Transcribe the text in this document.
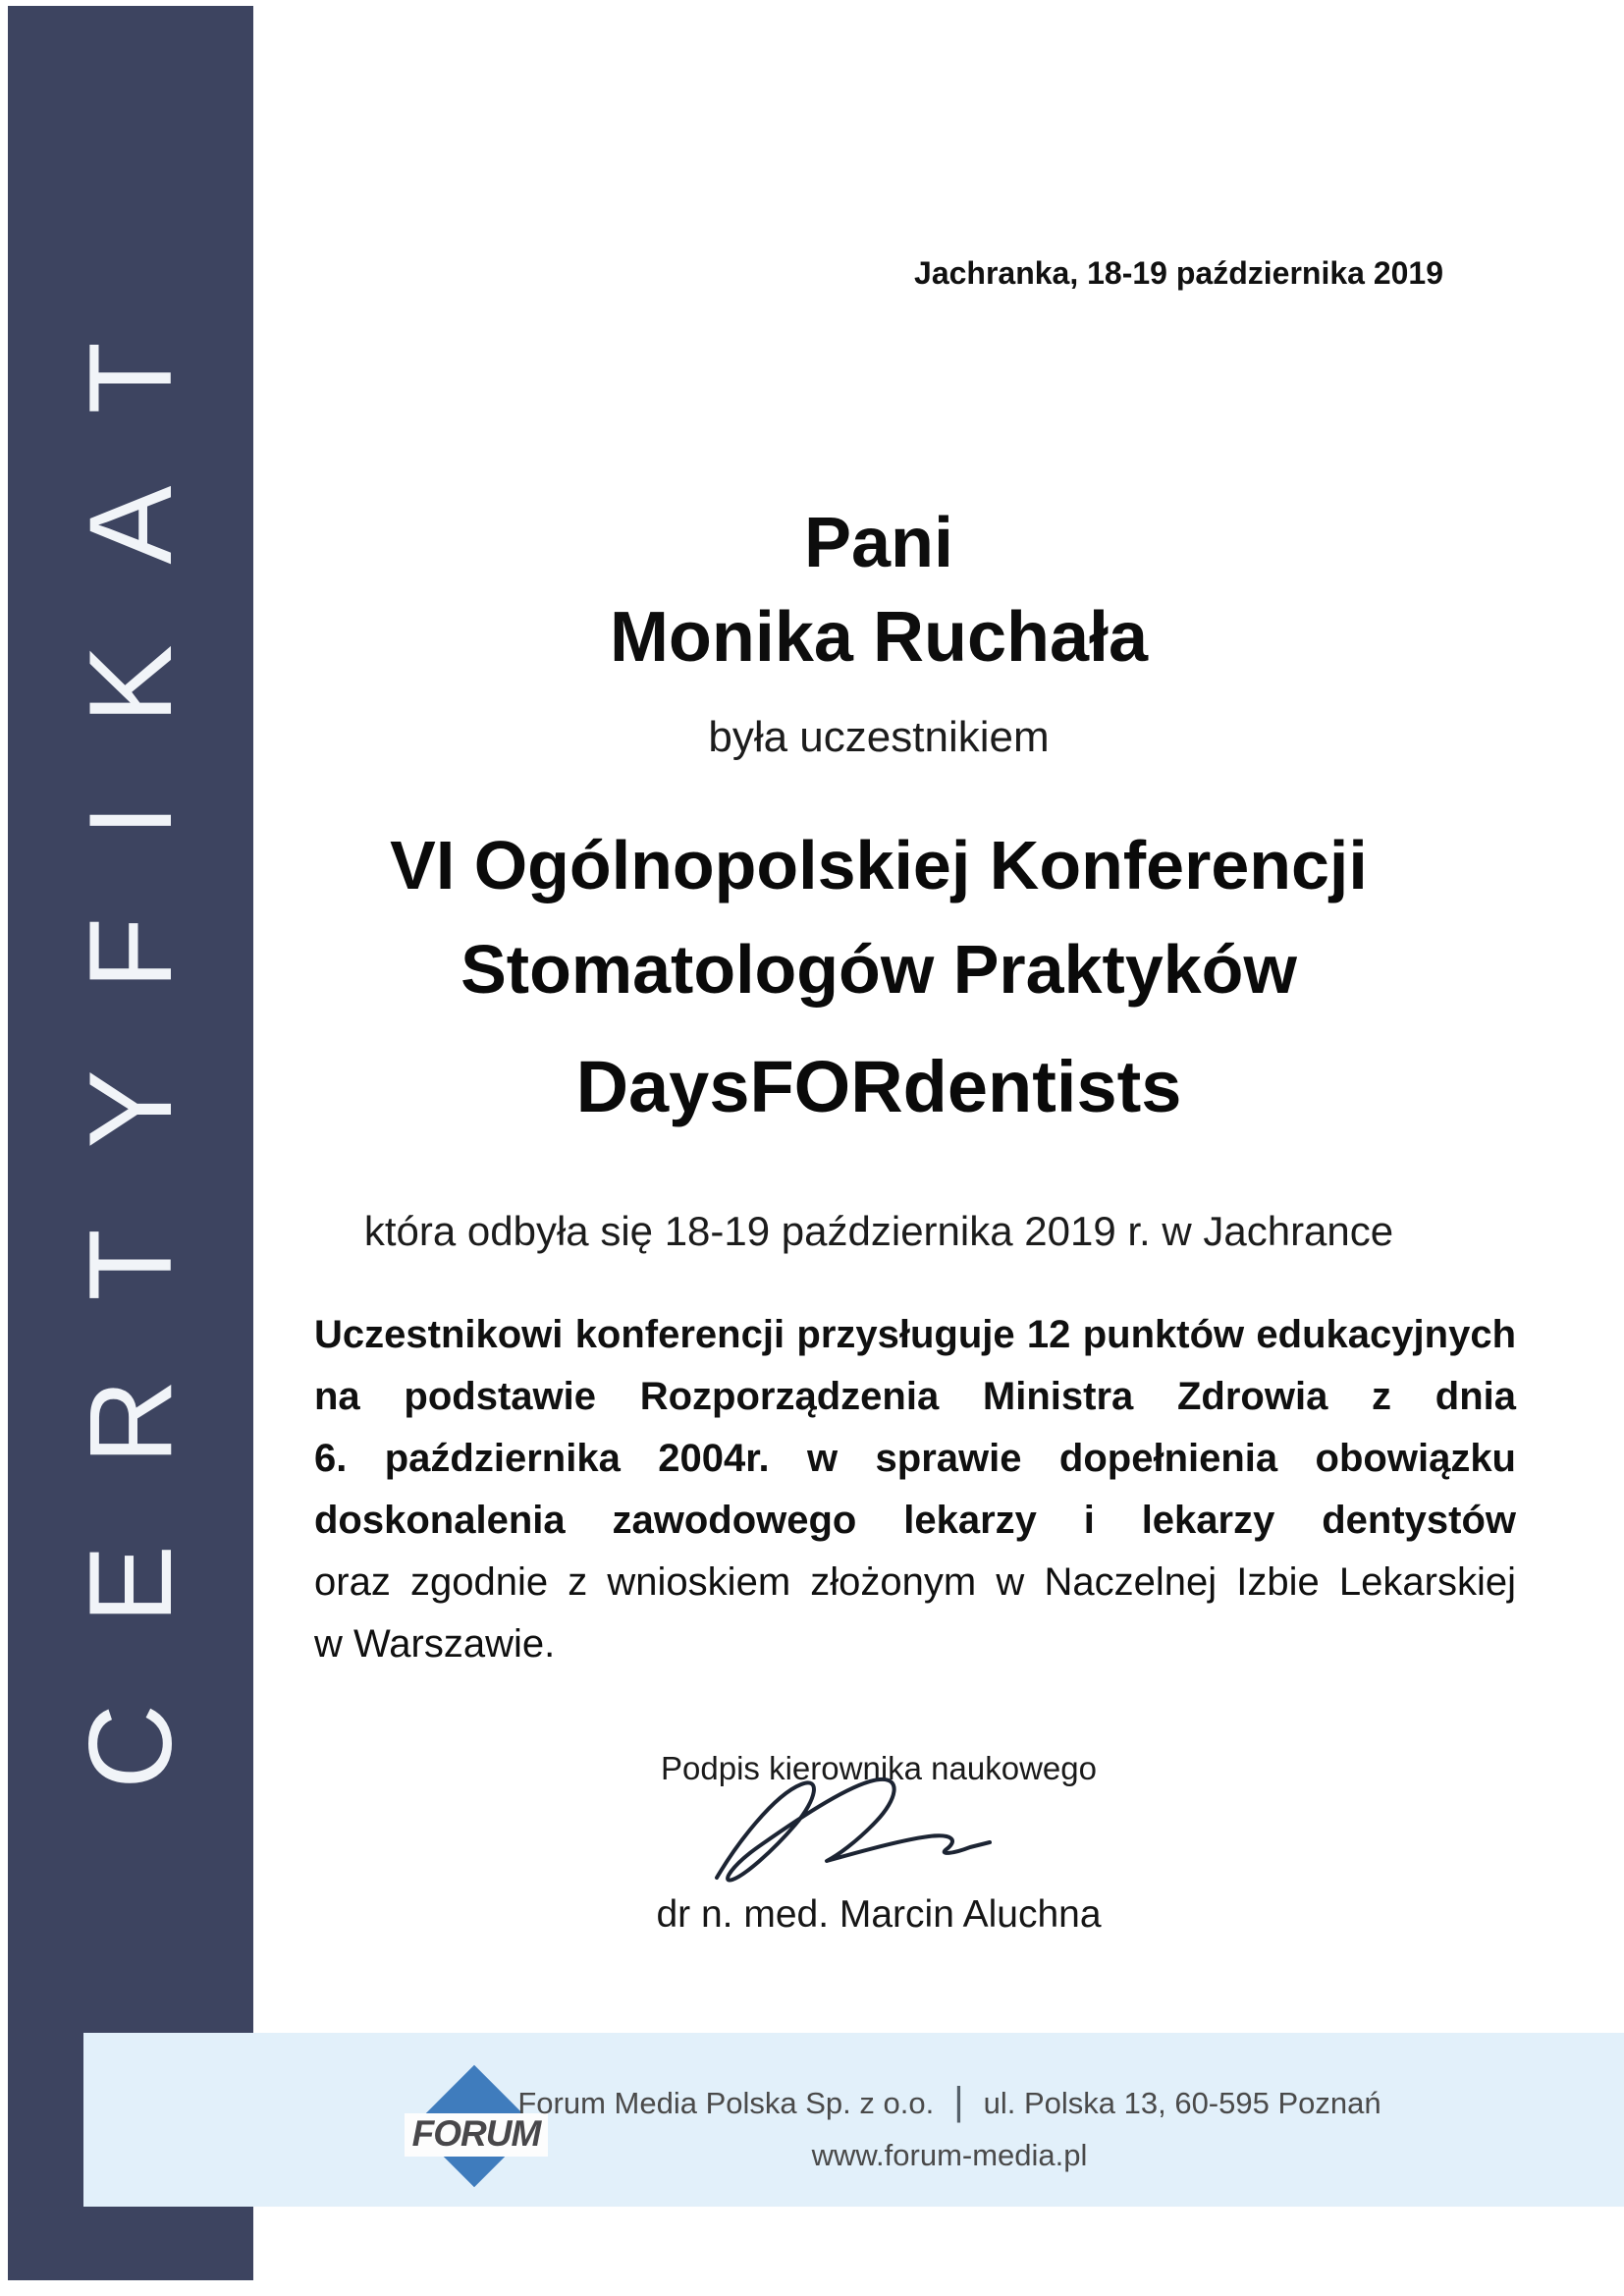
CERTYFIKAT	Jachranka, 18-19 października 2019
Pani
Monika Ruchała
była uczestnikiem
VI Ogólnopolskiej Konferencji
Stomatologów Praktyków
DaysFORdentists
która odbyła się 18-19 października 2019 r. w Jachrance
Uczestnikowi konferencji przysługuje 12 punktów edukacyjnych
na podstawie Rozporządzenia Ministra Zdrowia z dnia
6. października 2004r. w sprawie dopełnienia obowiązku
doskonalenia zawodowego lekarzy i lekarzy dentystów
oraz zgodnie z wnioskiem złożonym w Naczelnej Izbie Lekarskiej
w Warszawie.
Podpis kierownika naukowego
dr n. med. Marcin Aluchna
FORUM
Forum Media Polska Sp. z o.o. | ul. Polska 13, 60-595 Poznań
www.forum-media.pl
